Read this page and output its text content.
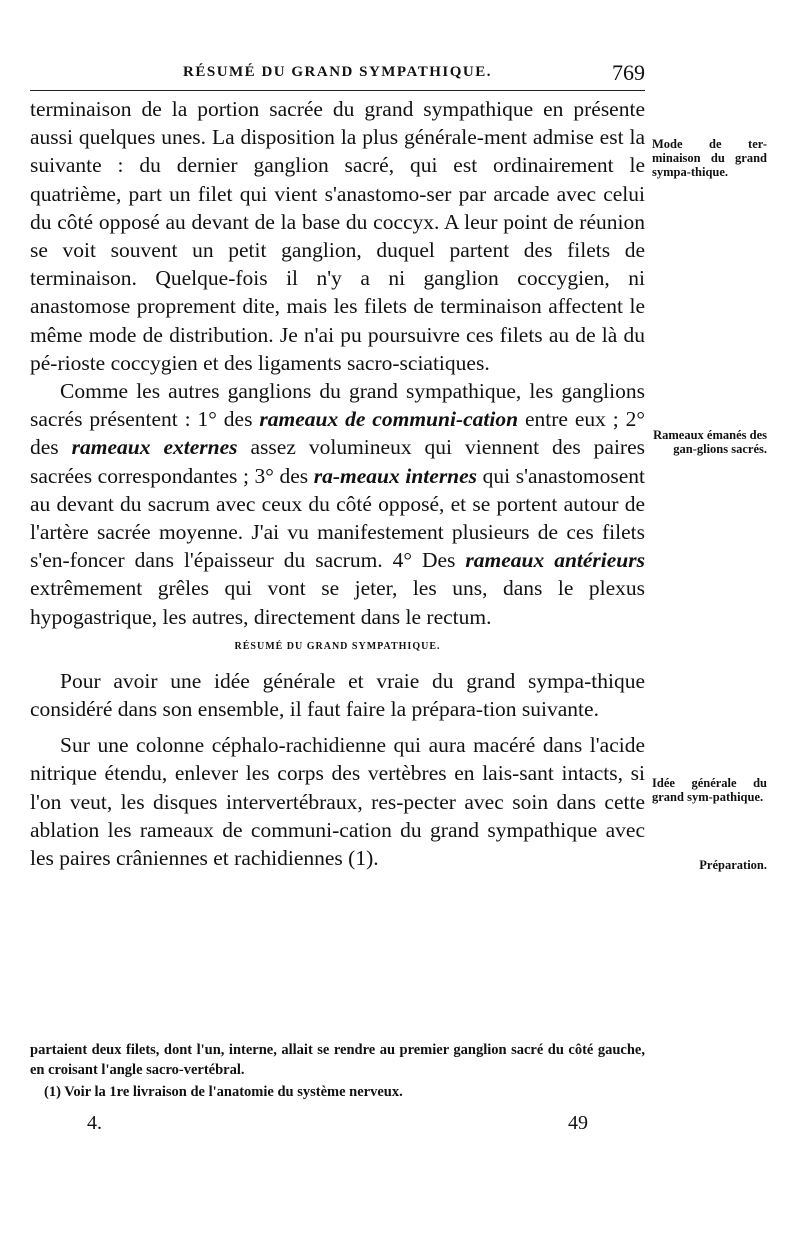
RÉSUMÉ DU GRAND SYMPATHIQUE.	769

terminaison de la portion sacrée du grand sympathique en présente aussi quelques unes. La disposition la plus générale-ment admise est la suivante : du dernier ganglion sacré, qui est ordinairement le quatrième, part un filet qui vient s'anastomo-ser par arcade avec celui du côté opposé au devant de la base du coccyx. A leur point de réunion se voit souvent un petit ganglion, duquel partent des filets de terminaison. Quelque-fois il n'y a ni ganglion coccygien, ni anastomose proprement dite, mais les filets de terminaison affectent le même mode de distribution. Je n'ai pu poursuivre ces filets au de là du pé-rioste coccygien et des ligaments sacro-sciatiques.

Comme les autres ganglions du grand sympathique, les ganglions sacrés présentent : 1° des rameaux de communi-cation entre eux ; 2° des rameaux externes assez volumineux qui viennent des paires sacrées correspondantes ; 3° des ra-meaux internes qui s'anastomosent au devant du sacrum avec ceux du côté opposé, et se portent autour de l'artère sacrée moyenne. J'ai vu manifestement plusieurs de ces filets s'en-foncer dans l'épaisseur du sacrum. 4° Des rameaux antérieurs extrêmement grêles qui vont se jeter, les uns, dans le plexus hypogastrique, les autres, directement dans le rectum.

RÉSUMÉ DU GRAND SYMPATHIQUE.

Pour avoir une idée générale et vraie du grand sympa-thique considéré dans son ensemble, il faut faire la prépara-tion suivante.

Sur une colonne céphalo-rachidienne qui aura macéré dans l'acide nitrique étendu, enlever les corps des vertèbres en lais-sant intacts, si l'on veut, les disques intervertébraux, res-pecter avec soin dans cette ablation les rameaux de communi-cation du grand sympathique avec les paires crâniennes et rachidiennes (1).

Mode de ter-minaison du grand sympa-thique.
Rameaux émanés des gan-glions sacrés.
Idée générale du grand sym-pathique.
Préparation.

partaient deux filets, dont l'un, interne, allait se rendre au premier ganglion sacré du côté gauche, en croisant l'angle sacro-vertébral.

(1) Voir la 1re livraison de l'anatomie du système nerveux.

4.	49
